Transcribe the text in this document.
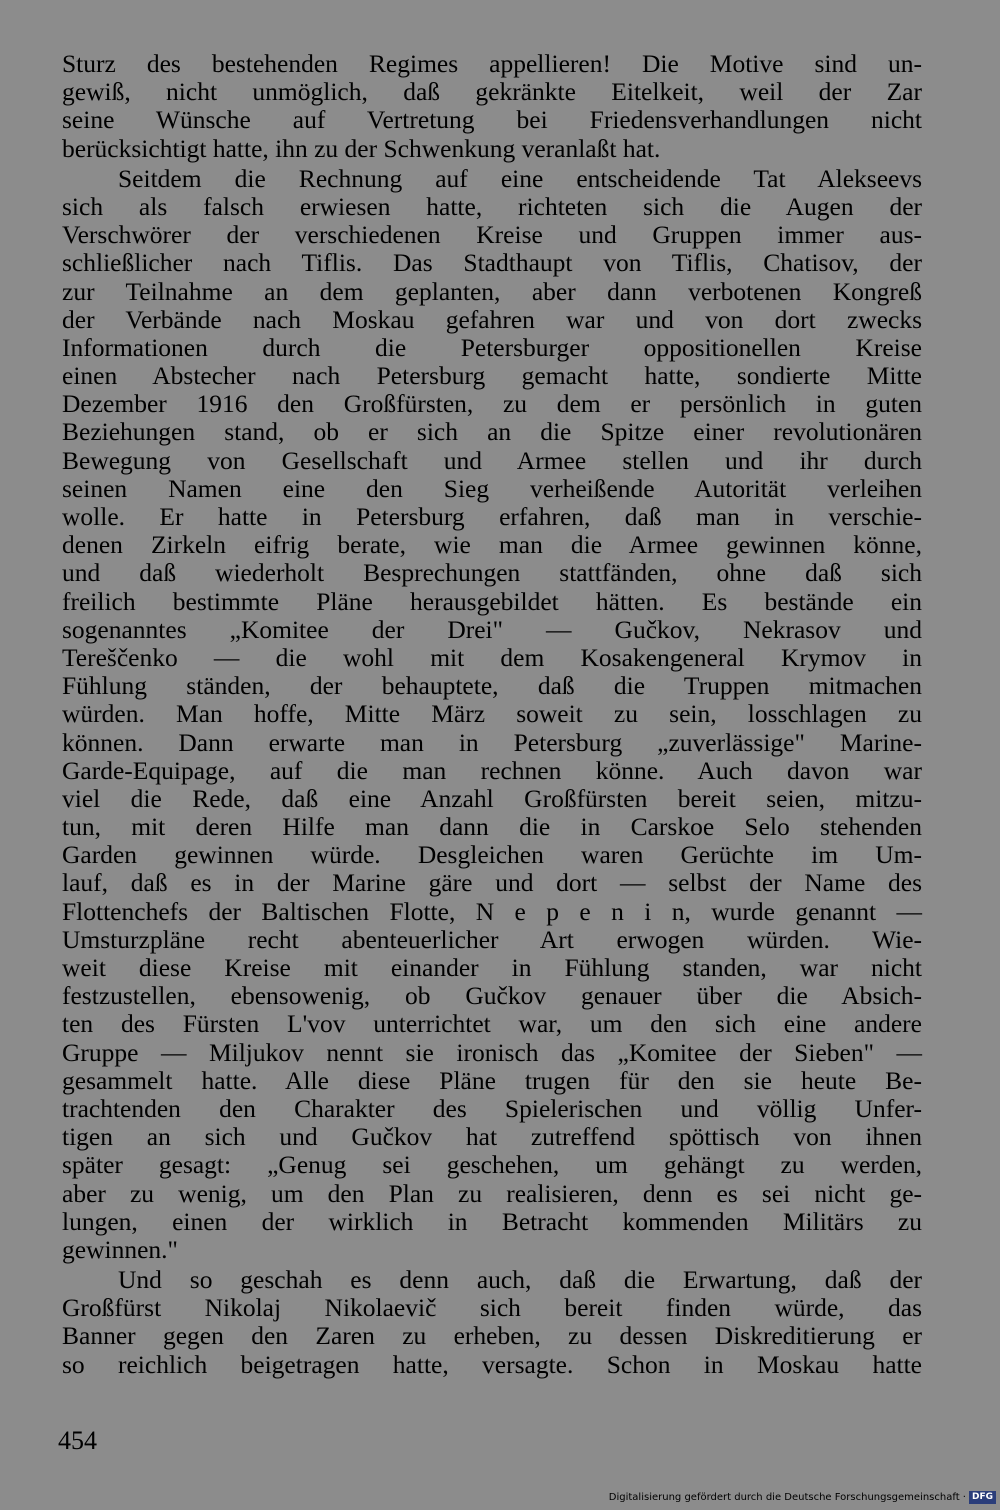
Sturz des bestehenden Regimes appellieren! Die Motive sind un-
gewiß, nicht unmöglich, daß gekränkte Eitelkeit, weil der Zar
seine Wünsche auf Vertretung bei Friedensverhandlungen nicht
berücksichtigt hatte, ihn zu der Schwenkung veranlaßt hat.
Seitdem die Rechnung auf eine entscheidende Tat Alekseevs
sich als falsch erwiesen hatte, richteten sich die Augen der
Verschwörer der verschiedenen Kreise und Gruppen immer aus-
schließlicher nach Tiflis. Das Stadthaupt von Tiflis, Chatisov, der
zur Teilnahme an dem geplanten, aber dann verbotenen Kongreß
der Verbände nach Moskau gefahren war und von dort zwecks
Informationen durch die Petersburger oppositionellen Kreise
einen Abstecher nach Petersburg gemacht hatte, sondierte Mitte
Dezember 1916 den Großfürsten, zu dem er persönlich in guten
Beziehungen stand, ob er sich an die Spitze einer revolutionären
Bewegung von Gesellschaft und Armee stellen und ihr durch
seinen Namen eine den Sieg verheißende Autorität verleihen
wolle. Er hatte in Petersburg erfahren, daß man in verschie-
denen Zirkeln eifrig berate, wie man die Armee gewinnen könne,
und daß wiederholt Besprechungen stattfänden, ohne daß sich
freilich bestimmte Pläne herausgebildet hätten. Es bestände ein
sogenanntes „Komitee der Drei" — Gučkov, Nekrasov und
Tereščenko — die wohl mit dem Kosakengeneral Krymov in
Fühlung ständen, der behauptete, daß die Truppen mitmachen
würden. Man hoffe, Mitte März soweit zu sein, losschlagen zu
können. Dann erwarte man in Petersburg „zuverlässige" Marine-
Garde-Equipage, auf die man rechnen könne. Auch davon war
viel die Rede, daß eine Anzahl Großfürsten bereit seien, mitzu-
tun, mit deren Hilfe man dann die in Carskoe Selo stehenden
Garden gewinnen würde. Desgleichen waren Gerüchte im Um-
lauf, daß es in der Marine gäre und dort — selbst der Name des
Flottenchefs der Baltischen Flotte, N e p e n i n, wurde genannt —
Umsturzpläne recht abenteuerlicher Art erwogen würden. Wie-
weit diese Kreise mit einander in Fühlung standen, war nicht
festzustellen, ebensowenig, ob Gučkov genauer über die Absich-
ten des Fürsten L'vov unterrichtet war, um den sich eine andere
Gruppe — Miljukov nennt sie ironisch das „Komitee der Sieben" —
gesammelt hatte. Alle diese Pläne trugen für den sie heute Be-
trachtenden den Charakter des Spielerischen und völlig Unfer-
tigen an sich und Gučkov hat zutreffend spöttisch von ihnen
später gesagt: „Genug sei geschehen, um gehängt zu werden,
aber zu wenig, um den Plan zu realisieren, denn es sei nicht ge-
lungen, einen der wirklich in Betracht kommenden Militärs zu
gewinnen."
Und so geschah es denn auch, daß die Erwartung, daß der
Großfürst Nikolaj Nikolaevič sich bereit finden würde, das
Banner gegen den Zaren zu erheben, zu dessen Diskreditierung er
so reichlich beigetragen hatte, versagte. Schon in Moskau hatte
454
Digitalisierung gefördert durch die Deutsche Forschungsgemeinschaft · DFG
